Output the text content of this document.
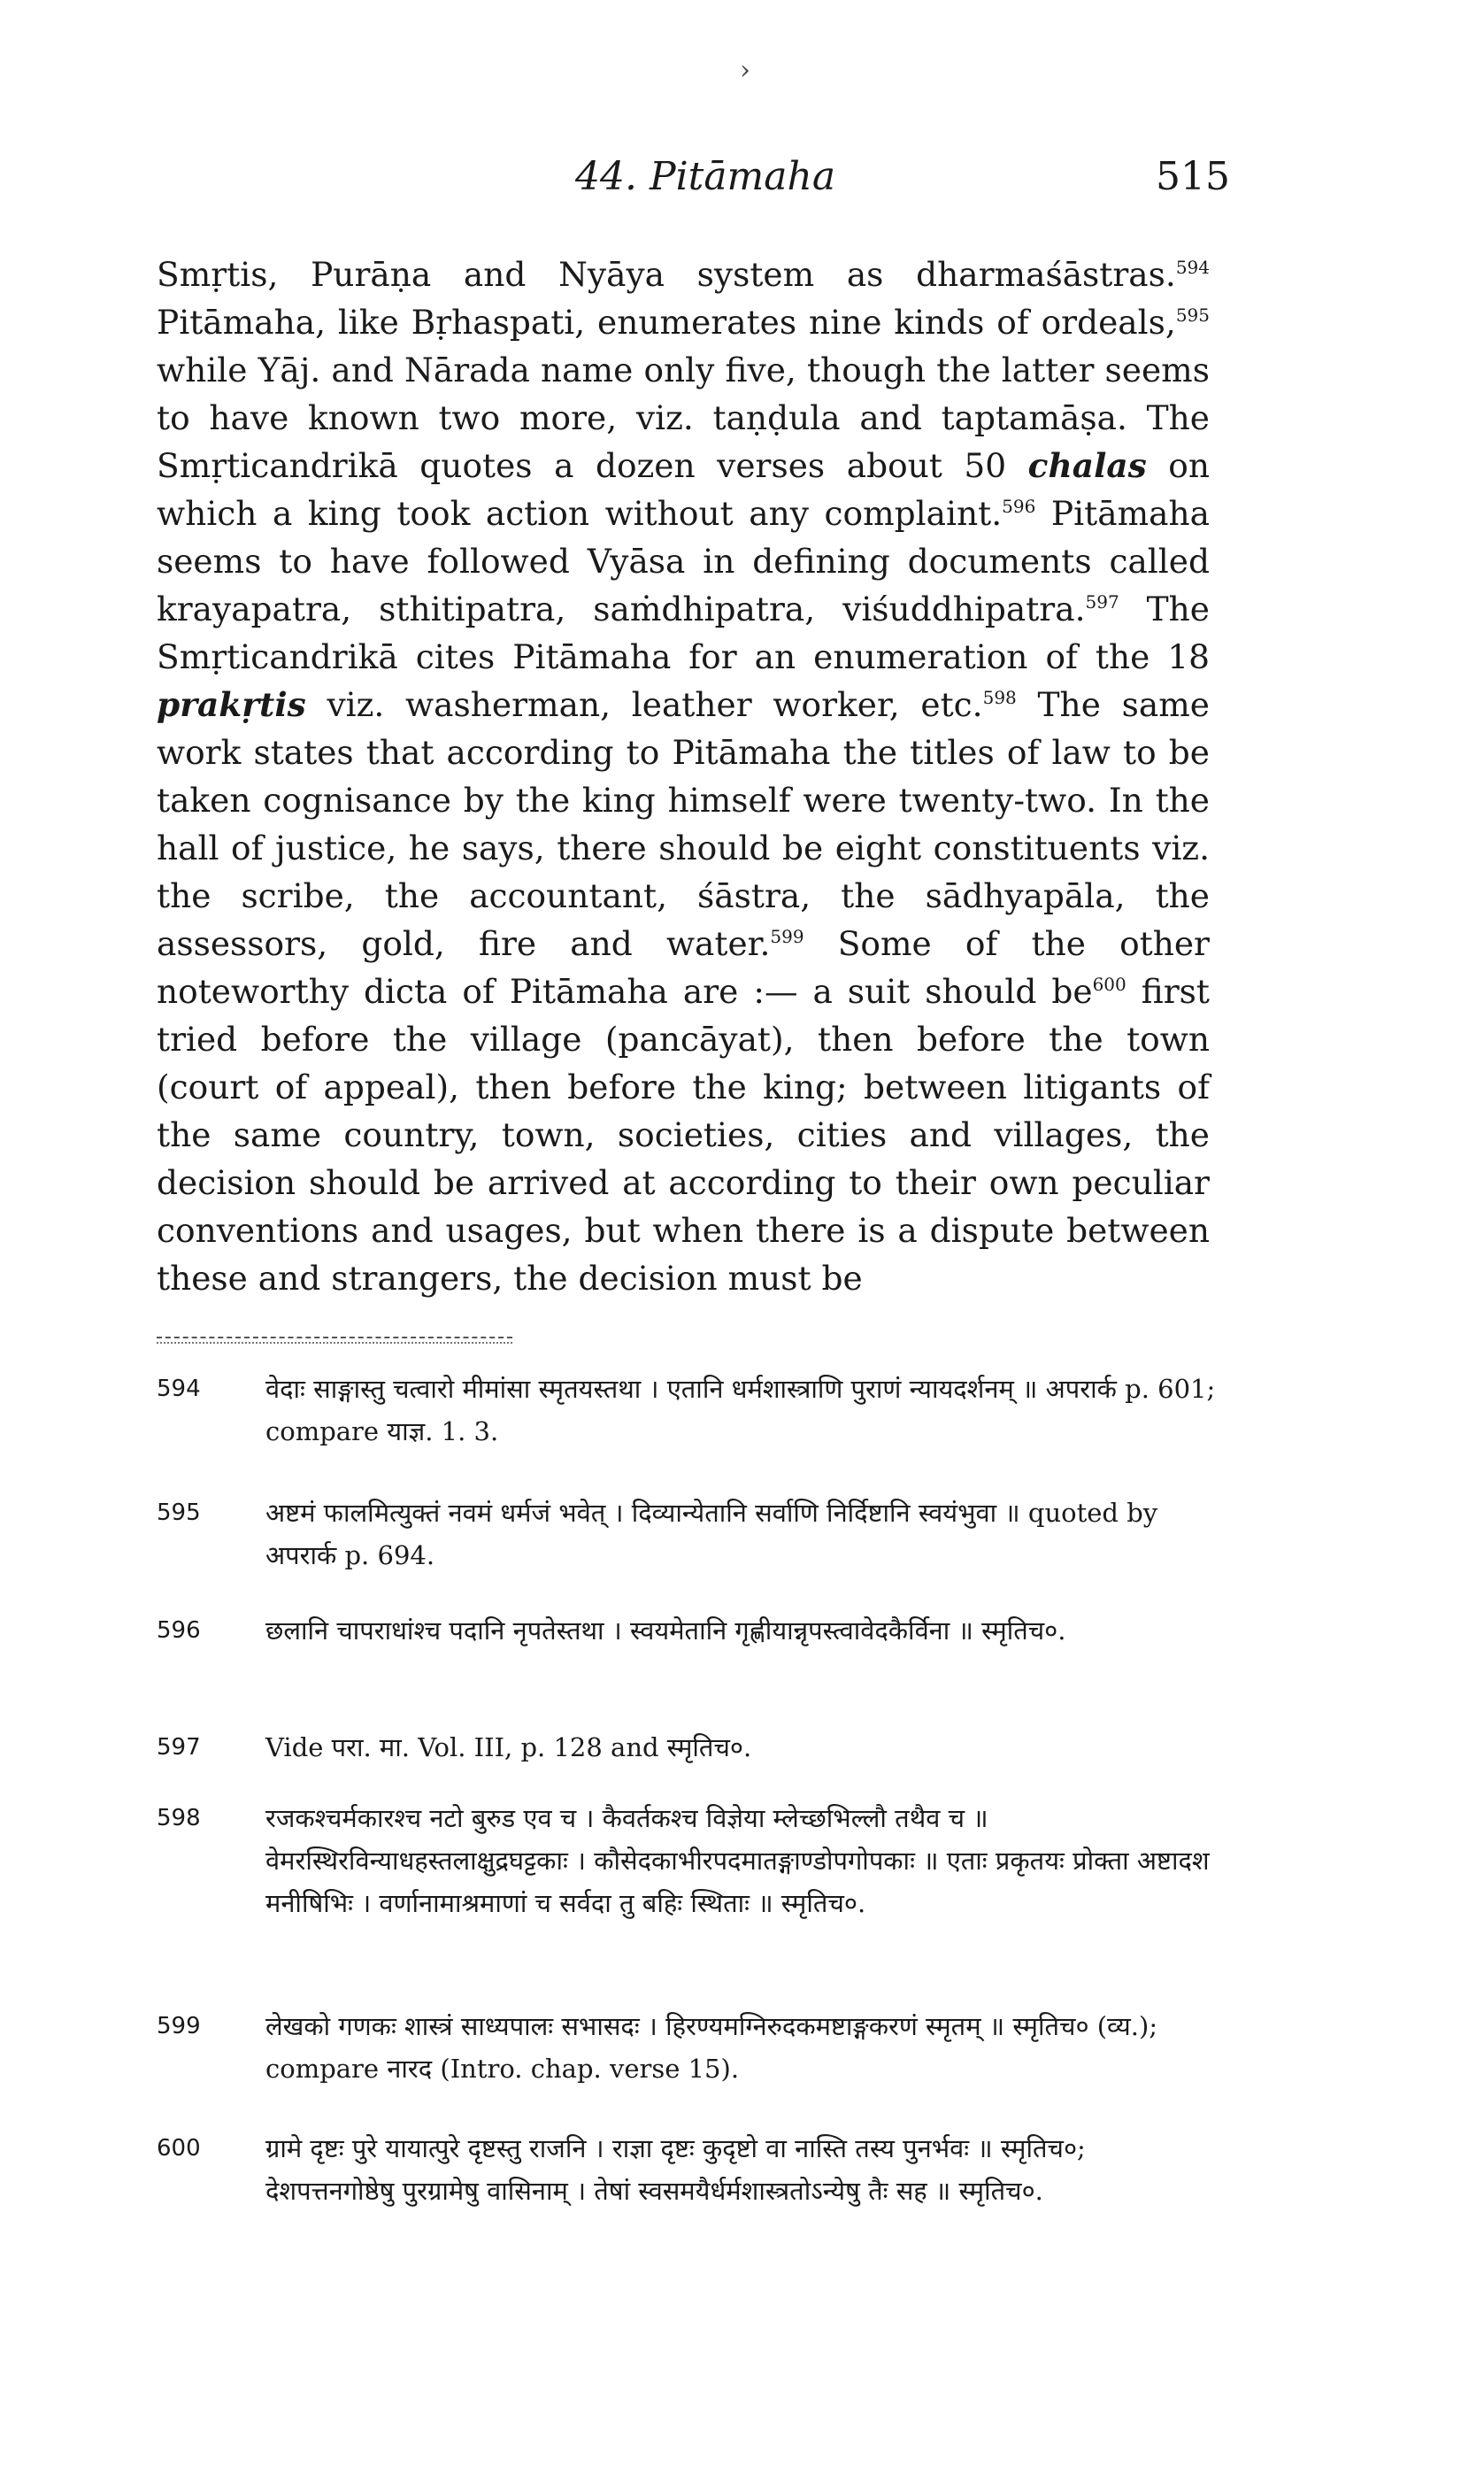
›
44. Pitāmaha	515

Smṛtis, Purāṇa and Nyāya system as dharmaśāstras.$^{594}$ Pitāmaha, like Bṛhaspati, enumerates nine kinds of ordeals,$^{595}$ while Yāj. and Nārada name only five, though the latter seems to have known two more, viz. taṇḍula and taptamāṣa. The Smṛticandrikā quotes a dozen verses about 50 chalas on which a king took action without any complaint.$^{596}$ Pitāmaha seems to have followed Vyāsa in defining documents called krayapatra, sthitipatra, saṁdhipatra, viśuddhipatra.$^{597}$ The Smṛticandrikā cites Pitāmaha for an enumeration of the 18 prakṛtis viz. washerman, leather worker, etc.$^{598}$ The same work states that according to Pitāmaha the titles of law to be taken cognisance by the king himself were twenty-two. In the hall of justice, he says, there should be eight constituents viz. the scribe, the accountant, śāstra, the sādhyapāla, the assessors, gold, fire and water.$^{599}$ Some of the other noteworthy dicta of Pitāmaha are :— a suit should $be^{600}$ first tried before the village (pancāyat), then before the town (court of appeal), then before the king; between litigants of the same country, town, societies, cities and villages, the decision should be arrived at according to their own peculiar conventions and usages, but when there is a dispute between these and strangers, the decision must be

594	वेदाः साङ्गास्तु चत्वारो मीमांसा स्मृतयस्तथा । एतानि धर्मशास्त्राणि पुराणं न्यायदर्शनम् ॥ अपरार्क p. 601; compare याज्ञ. 1. 3.
595	अष्टमं फालमित्युक्तं नवमं धर्मजं भवेत् । दिव्यान्येतानि सर्वाणि निर्दिष्टानि स्वयंभुवा ॥ quoted by अपरार्क p. 694.
596	छलानि चापराधांश्च पदानि नृपतेस्तथा । स्वयमेतानि गृह्णीयान्नृपस्त्वावेदकैर्विना ॥ स्मृतिच०.
597	Vide परा. मा. Vol. III, p. 128 and स्मृतिच०.
598	रजकश्चर्मकारश्च नटो बुरुड एव च । कैवर्तकश्च विज्ञेया म्लेच्छभिल्लौ तथैव च ॥ वेमरस्थिरविन्याधहस्तलाक्षुद्रघट्टकाः । कौसेदकाभीरपदमातङ्गाण्डोपगोपकाः ॥ एताः प्रकृतयः प्रोक्ता अष्टादश मनीषिभिः । वर्णानामाश्रमाणां च सर्वदा तु बहिः स्थिताः ॥ स्मृतिच०.
599	लेखको गणकः शास्त्रं साध्यपालः सभासदः । हिरण्यमग्निरुदकमष्टाङ्गकरणं स्मृतम् ॥ स्मृतिच० (व्य.); compare नारद (Intro. chap. verse 15).
600	ग्रामे दृष्टः पुरे यायात्पुरे दृष्टस्तु राजनि । राज्ञा दृष्टः कुदृष्टो वा नास्ति तस्य पुनर्भवः ॥ स्मृतिच०; देशपत्तनगोष्ठेषु पुरग्रामेषु वासिनाम् । तेषां स्वसमयैर्धर्मशास्त्रतोऽन्येषु तैः सह ॥ स्मृतिच०.
